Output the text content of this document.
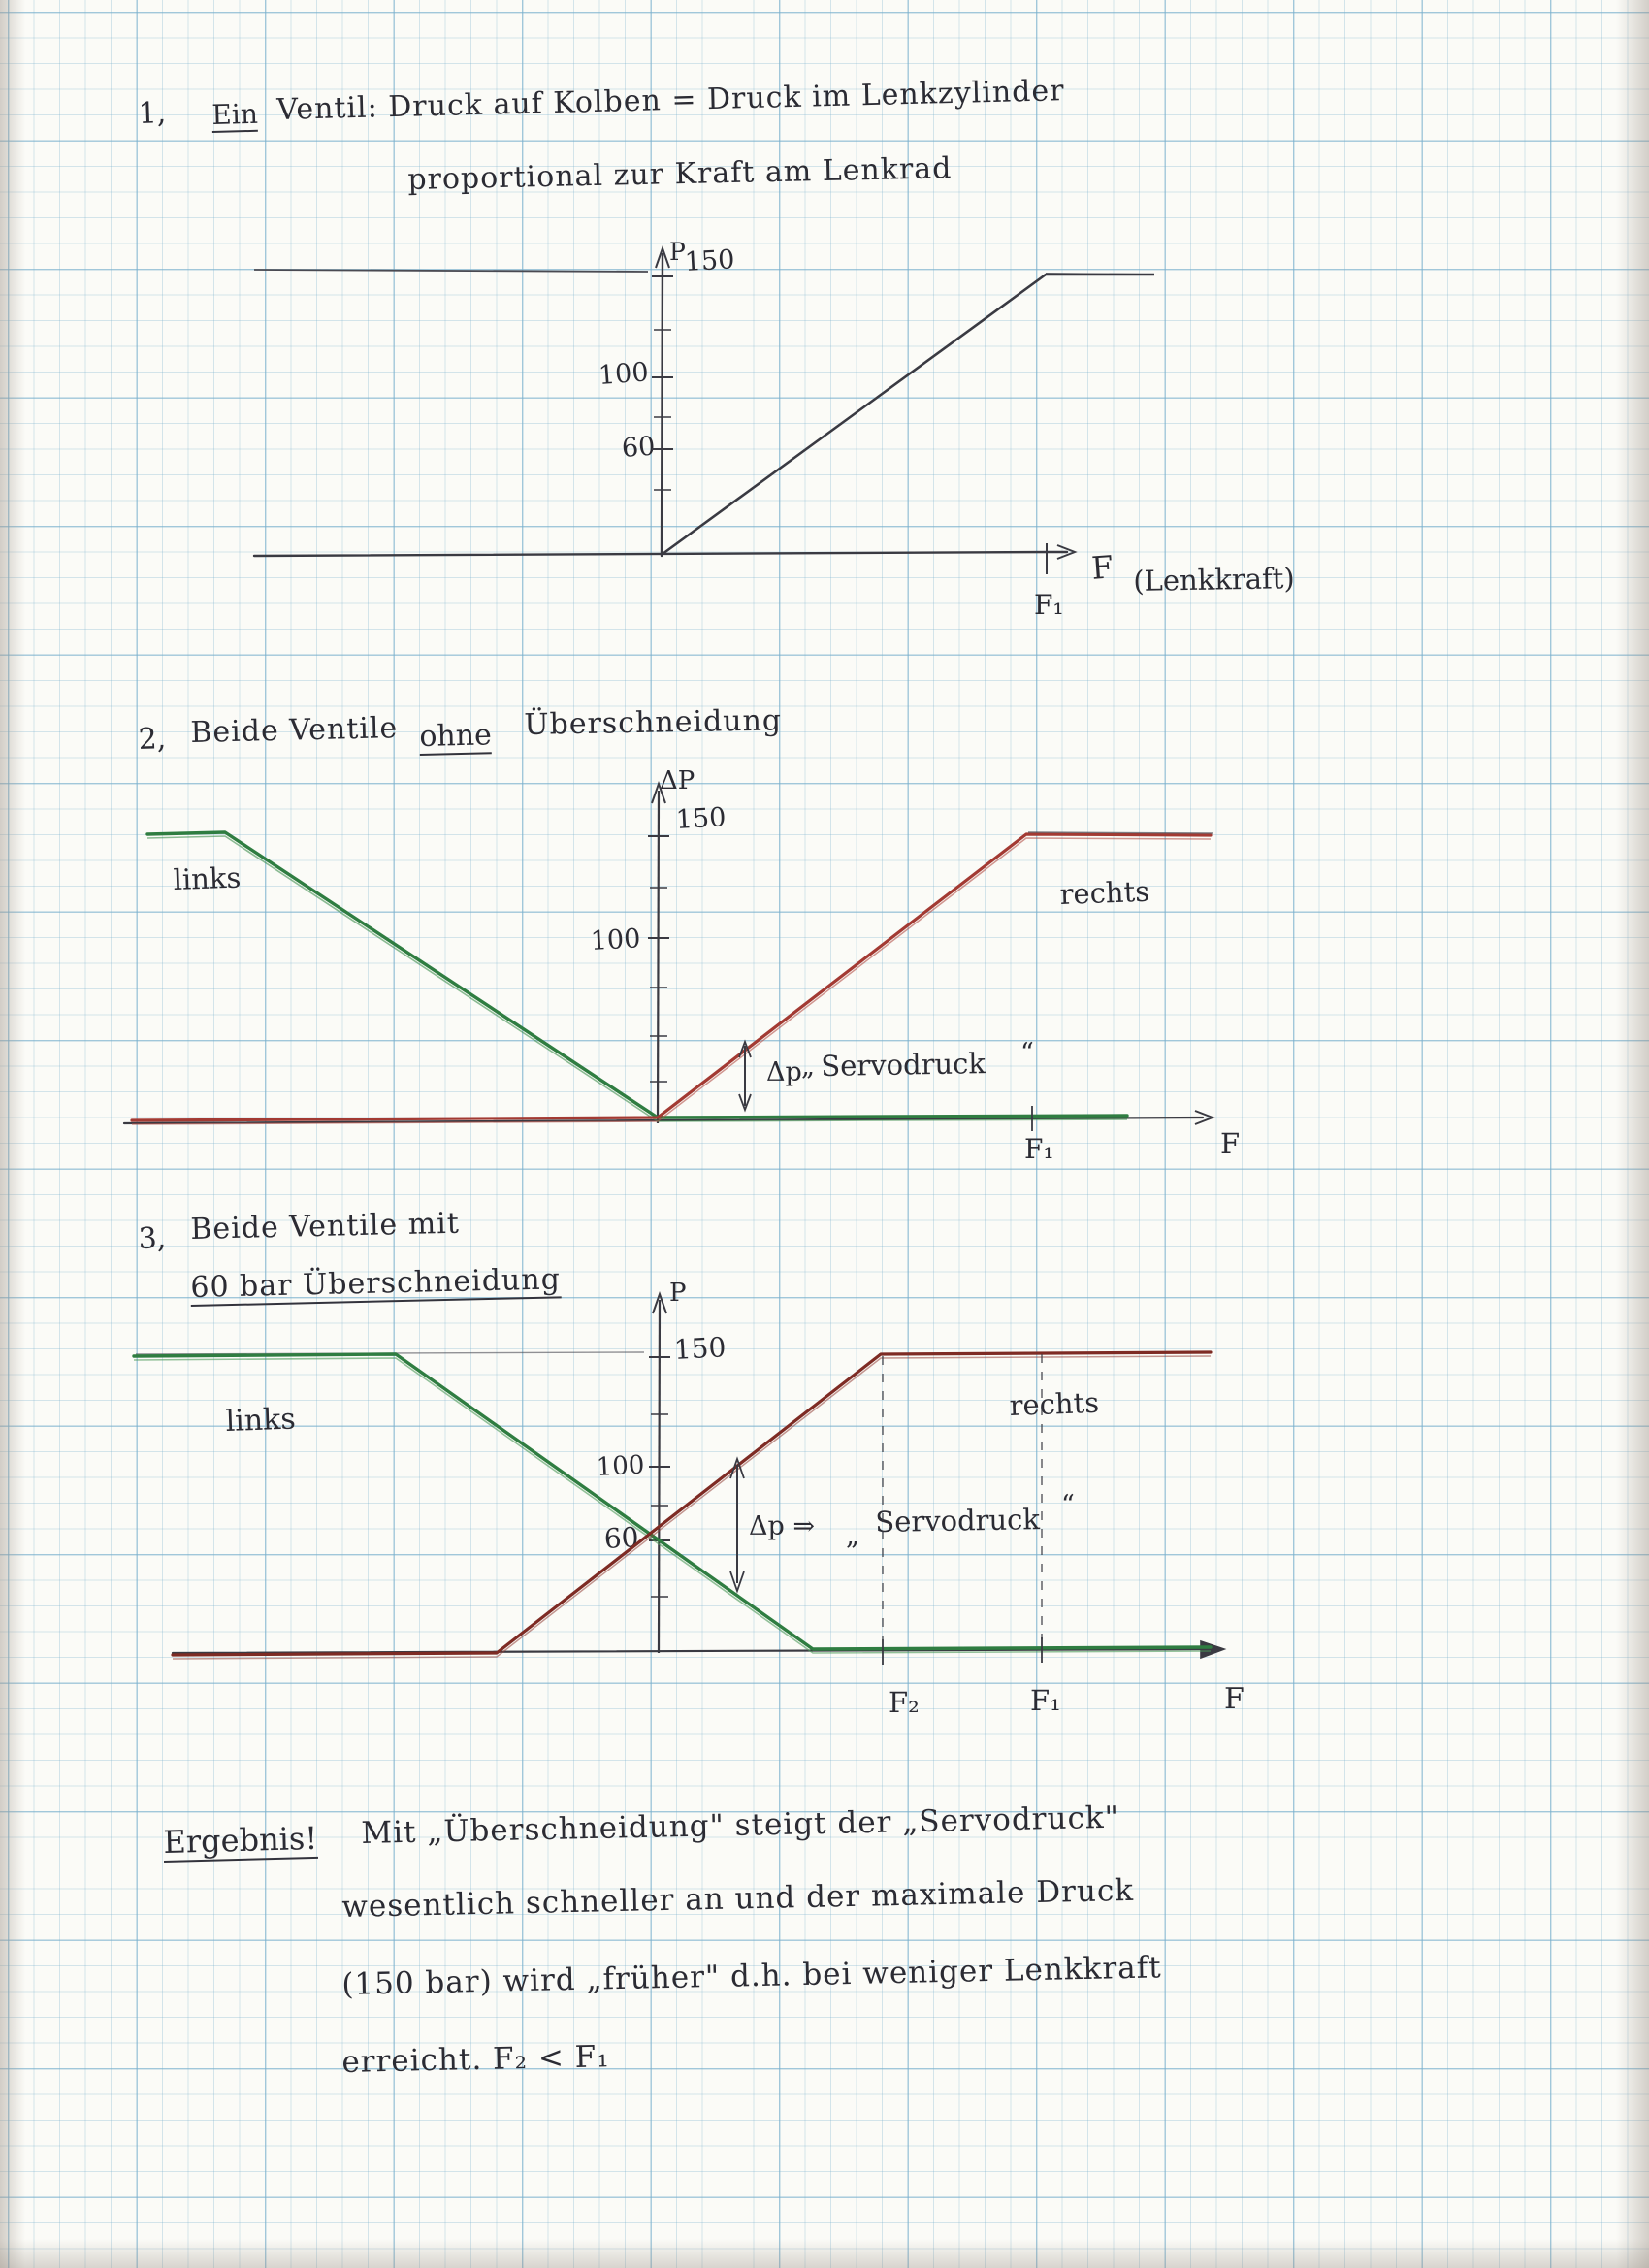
1, Ein Ventil: Druck auf Kolben = Druck im Lenkzylinder
proportional zur Kraft am Lenkrad
P
150
100
60
F (Lenkkraft)
F₁
2, Beide Ventile ohne Überschneidung
ΔP
150
100
links	rechts
Δp „ Servodruck “
F₁	F
3, Beide Ventile mit
60 bar Überschneidung	P
150
100
60
links	rechts
Δp ⇒ „ Servodruck “
F₂	F₁	F
Ergebnis! Mit „Überschneidung" steigt der „Servodruck"
wesentlich schneller an und der maximale Druck
(150 bar) wird „früher" d.h. bei weniger Lenkkraft
erreicht. F₂ < F₁
